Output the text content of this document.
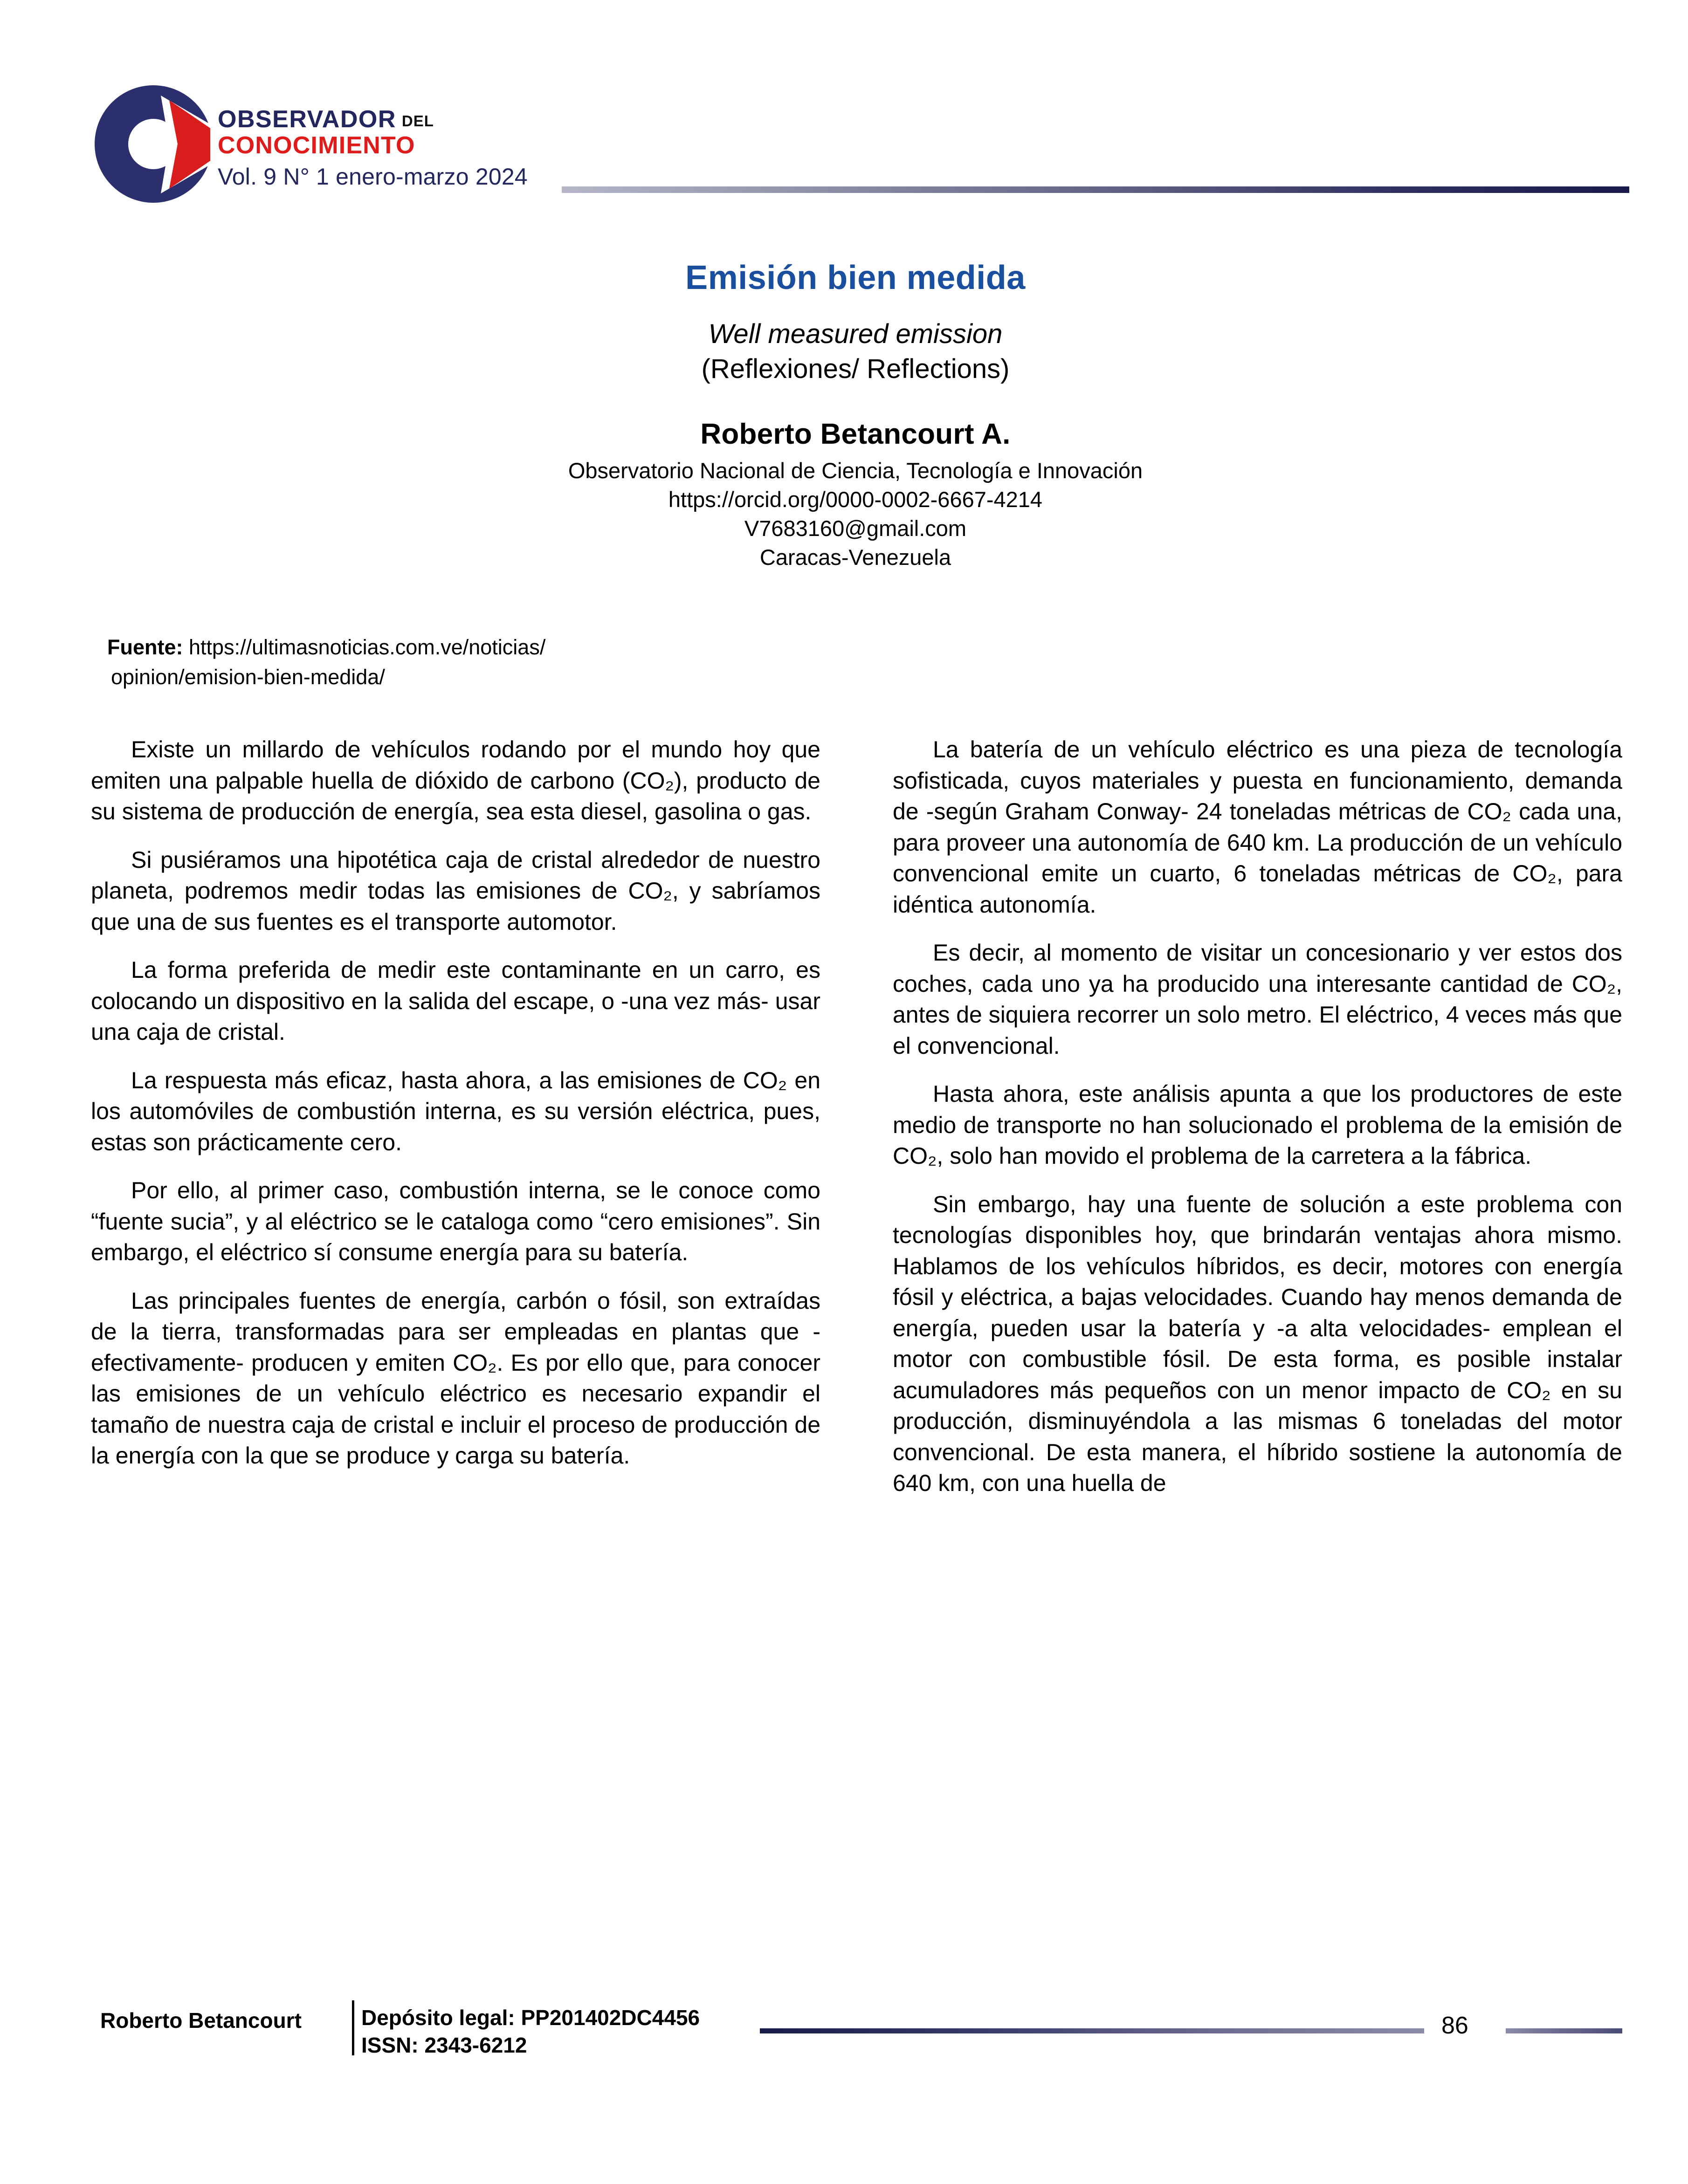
OBSERVADOR DEL
CONOCIMIENTO
Vol. 9 N° 1 enero-marzo 2024
Emisión bien medida
Well measured emission
(Reflexiones/ Reflections)
Roberto Betancourt A.
Observatorio Nacional de Ciencia, Tecnología e Innovación
https://orcid.org/0000-0002-6667-4214
V7683160@gmail.com
Caracas-Venezuela
Fuente: https://ultimasnoticias.com.ve/noticias/
opinion/emision-bien-medida/

Existe un millardo de vehículos rodando por el mundo hoy que emiten una palpable huella de dióxido de carbono (CO₂), producto de su sistema de producción de energía, sea esta diesel, gasolina o gas.

Si pusiéramos una hipotética caja de cristal alrededor de nuestro planeta, podremos medir todas las emisiones de CO₂, y sabríamos que una de sus fuentes es el transporte automotor.

La forma preferida de medir este contaminante en un carro, es colocando un dispositivo en la salida del escape, o -una vez más- usar una caja de cristal.

La respuesta más eficaz, hasta ahora, a las emisiones de CO₂ en los automóviles de combustión interna, es su versión eléctrica, pues, estas son prácticamente cero.

Por ello, al primer caso, combustión interna, se le conoce como “fuente sucia”, y al eléctrico se le cataloga como “cero emisiones”. Sin embargo, el eléctrico sí consume energía para su batería.

Las principales fuentes de energía, carbón o fósil, son extraídas de la tierra, transformadas para ser empleadas en plantas que -efectivamente- producen y emiten CO₂. Es por ello que, para conocer las emisiones de un vehículo eléctrico es necesario expandir el tamaño de nuestra caja de cristal e incluir el proceso de producción de la energía con la que se produce y carga su batería.

La batería de un vehículo eléctrico es una pieza de tecnología sofisticada, cuyos materiales y puesta en funcionamiento, demanda de -según Graham Conway- 24 toneladas métricas de CO₂ cada una, para proveer una autonomía de 640 km. La producción de un vehículo convencional emite un cuarto, 6 toneladas métricas de CO₂, para idéntica autonomía.

Es decir, al momento de visitar un concesionario y ver estos dos coches, cada uno ya ha producido una interesante cantidad de CO₂, antes de siquiera recorrer un solo metro. El eléctrico, 4 veces más que el convencional.

Hasta ahora, este análisis apunta a que los productores de este medio de transporte no han solucionado el problema de la emisión de CO₂, solo han movido el problema de la carretera a la fábrica.

Sin embargo, hay una fuente de solución a este problema con tecnologías disponibles hoy, que brindarán ventajas ahora mismo. Hablamos de los vehículos híbridos, es decir, motores con energía fósil y eléctrica, a bajas velocidades. Cuando hay menos demanda de energía, pueden usar la batería y -a alta velocidades- emplean el motor con combustible fósil. De esta forma, es posible instalar acumuladores más pequeños con un menor impacto de CO₂ en su producción, disminuyéndola a las mismas 6 toneladas del motor convencional. De esta manera, el híbrido sostiene la autonomía de 640 km, con una huella de

Roberto Betancourt	Depósito legal: PP201402DC4456
ISSN: 2343-6212
86
